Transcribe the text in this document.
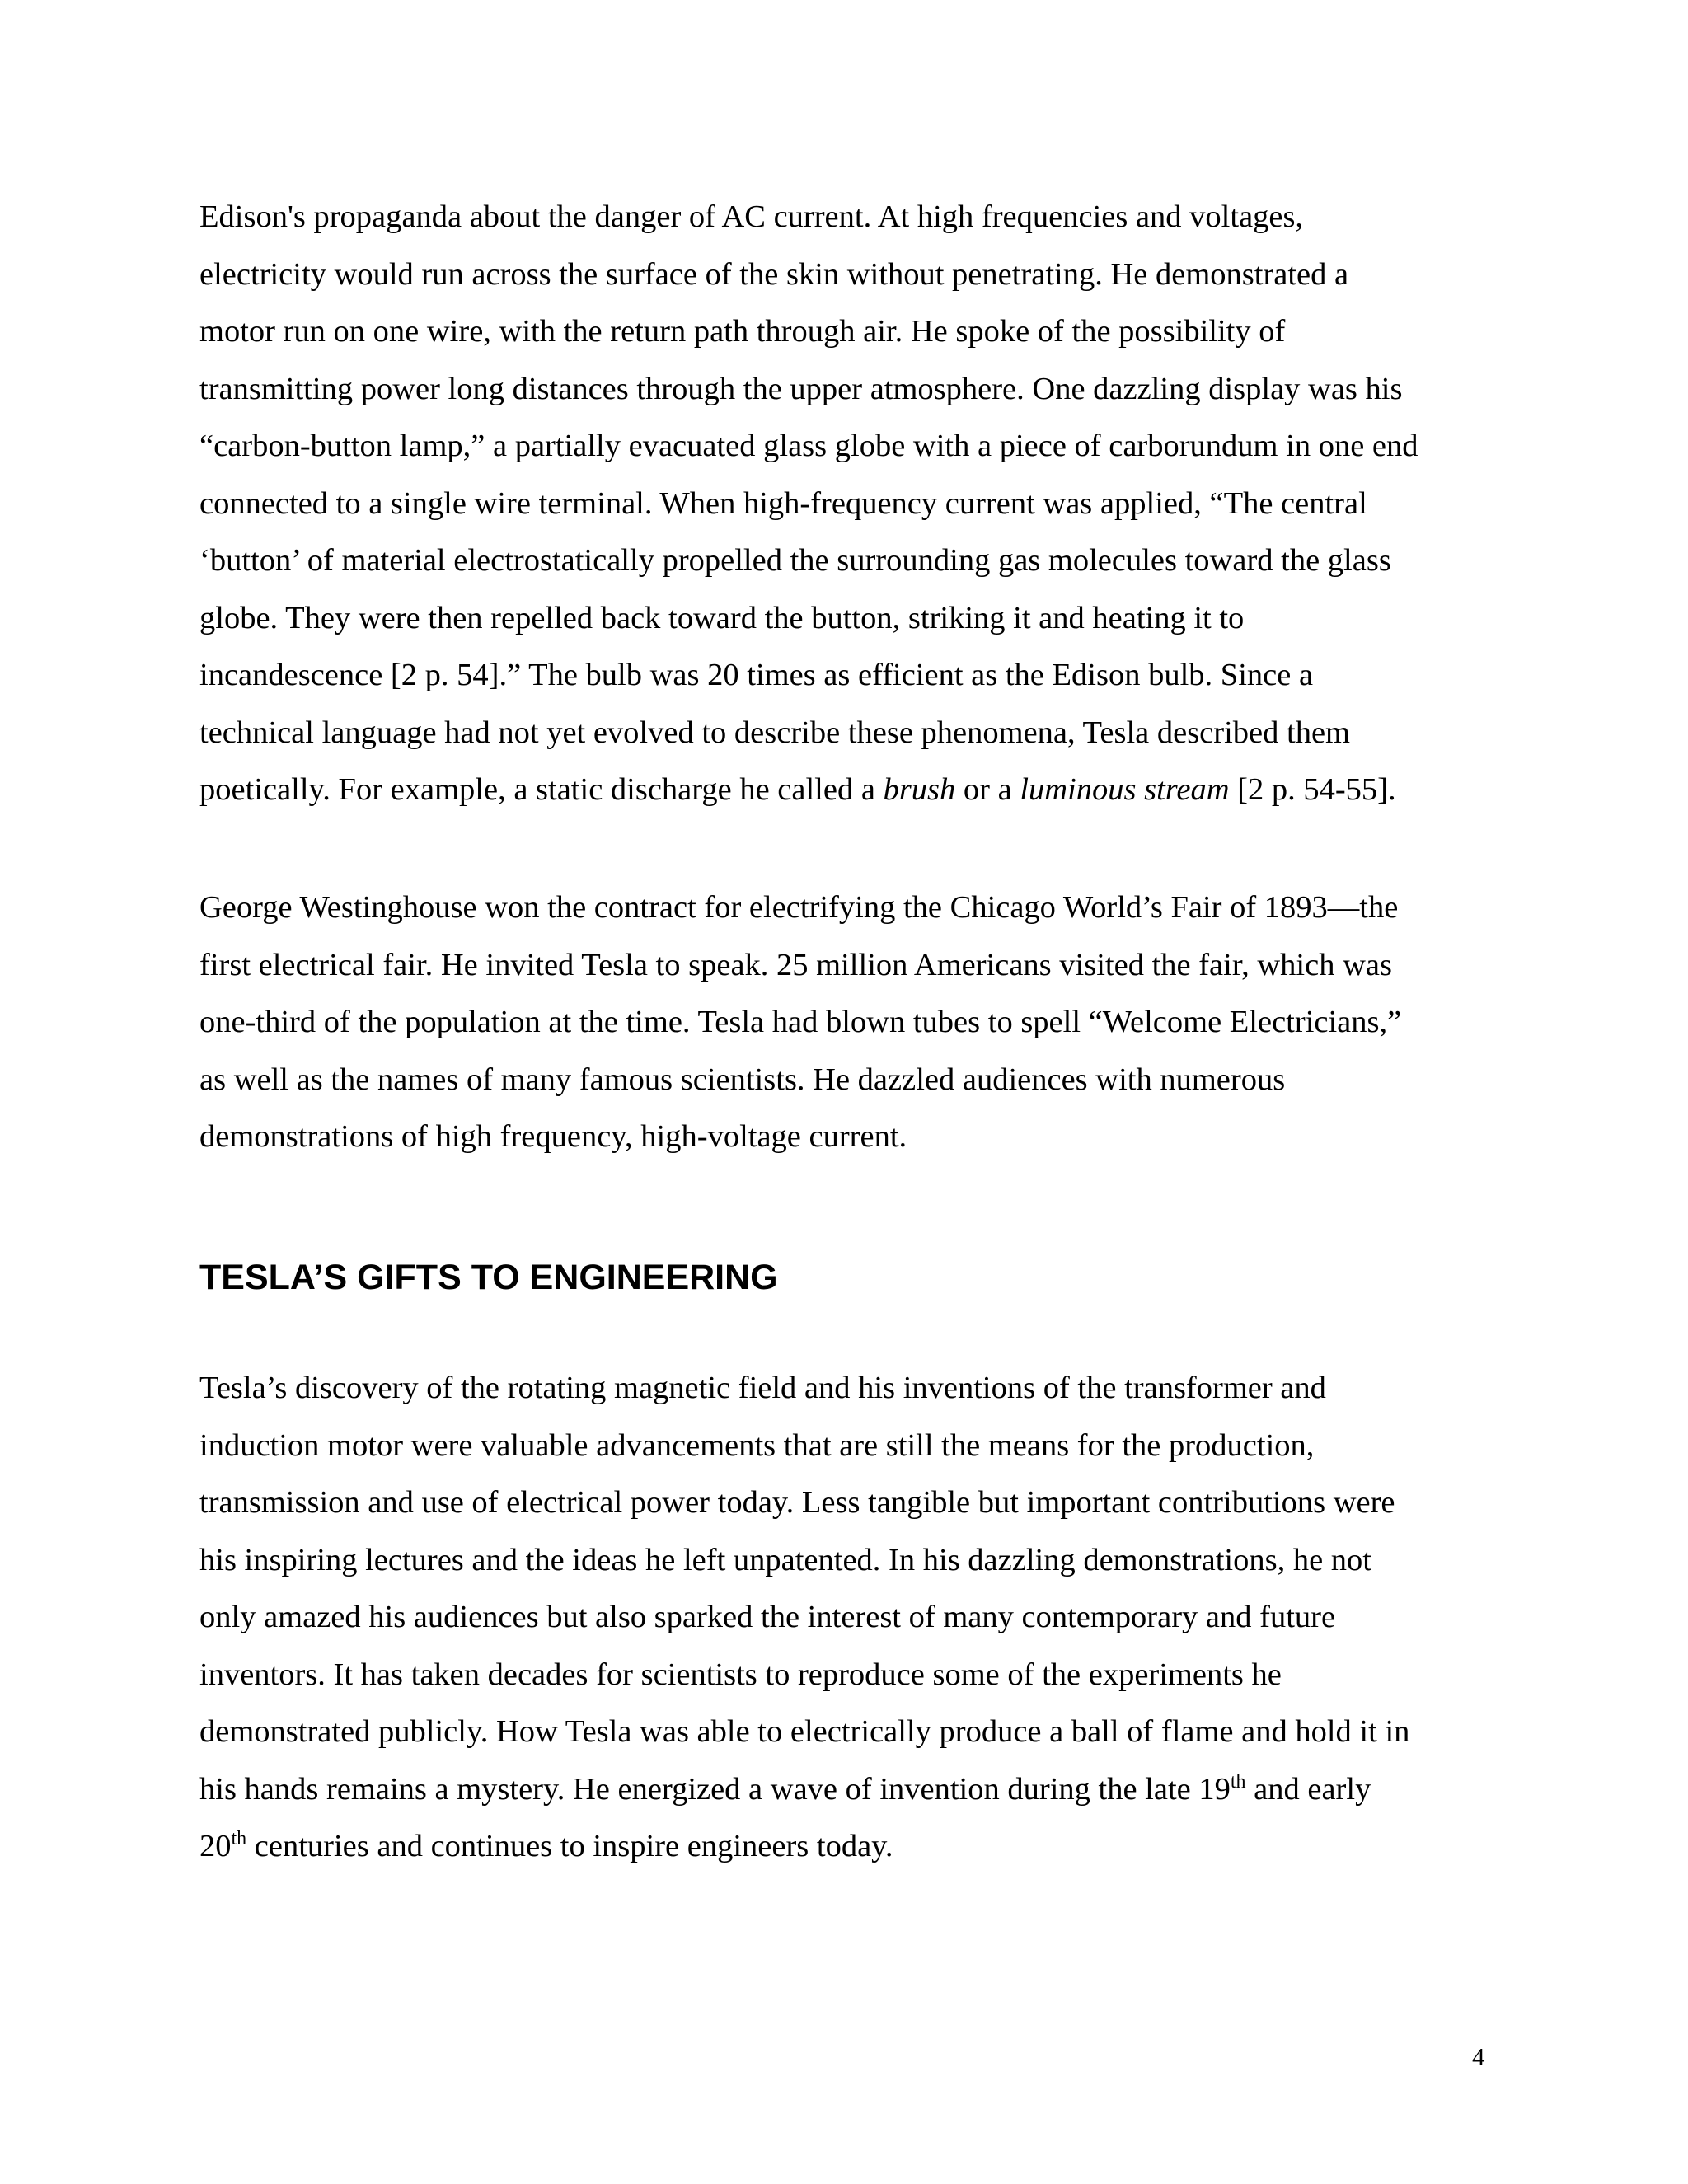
Edison's propaganda about the danger of AC current. At high frequencies and voltages,
electricity would run across the surface of the skin without penetrating. He demonstrated a
motor run on one wire, with the return path through air. He spoke of the possibility of
transmitting power long distances through the upper atmosphere. One dazzling display was his
“carbon-button lamp,” a partially evacuated glass globe with a piece of carborundum in one end
connected to a single wire terminal. When high-frequency current was applied, “The central
‘button’ of material electrostatically propelled the surrounding gas molecules toward the glass
globe. They were then repelled back toward the button, striking it and heating it to
incandescence [2 p. 54].” The bulb was 20 times as efficient as the Edison bulb. Since a
technical language had not yet evolved to describe these phenomena, Tesla described them
poetically. For example, a static discharge he called a brush or a luminous stream [2 p. 54-55].

George Westinghouse won the contract for electrifying the Chicago World’s Fair of 1893—the
first electrical fair. He invited Tesla to speak. 25 million Americans visited the fair, which was
one-third of the population at the time. Tesla had blown tubes to spell “Welcome Electricians,”
as well as the names of many famous scientists. He dazzled audiences with numerous
demonstrations of high frequency, high-voltage current.

TESLA’S GIFTS TO ENGINEERING

Tesla’s discovery of the rotating magnetic field and his inventions of the transformer and
induction motor were valuable advancements that are still the means for the production,
transmission and use of electrical power today. Less tangible but important contributions were
his inspiring lectures and the ideas he left unpatented. In his dazzling demonstrations, he not
only amazed his audiences but also sparked the interest of many contemporary and future
inventors. It has taken decades for scientists to reproduce some of the experiments he
demonstrated publicly. How Tesla was able to electrically produce a ball of flame and hold it in
his hands remains a mystery. He energized a wave of invention during the late 19th and early
20th centuries and continues to inspire engineers today.

4
